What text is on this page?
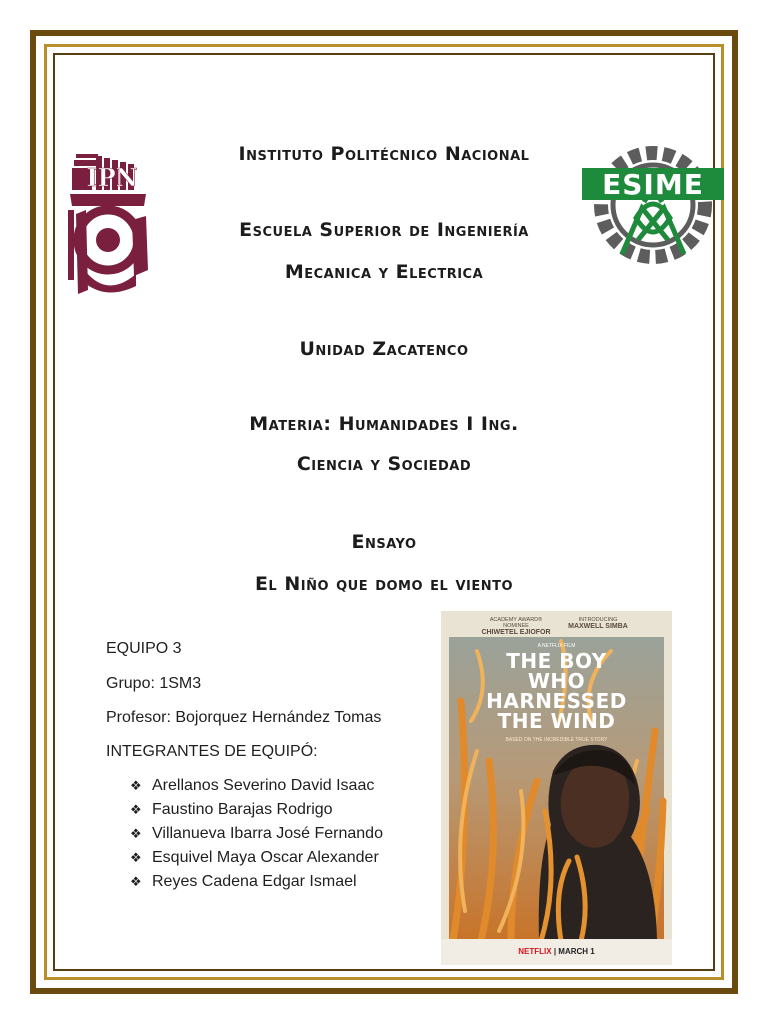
IPN	ESIME
Instituto Politécnico Nacional
Escuela Superior de Ingeniería
Mecanica y Electrica
Unidad Zacatenco
Materia: Humanidades I Ing.
Ciencia y Sociedad
Ensayo
El Niño que domo el viento

EQUIPO 3

Grupo: 1SM3

Profesor: Bojorquez Hernández Tomas

INTEGRANTES DE EQUIPÓ:

❖ Arellanos Severino David Isaac
❖ Faustino Barajas Rodrigo
❖ Villanueva Ibarra José Fernando
❖ Esquivel Maya Oscar Alexander
❖ Reyes Cadena Edgar Ismael
ACADEMY AWARD® NOMINEE
CHIWETEL EJIOFOR
INTRODUCING
MAXWELL SIMBA
A NETFLIX FILM
THE BOY
WHO
HARNESSED
THE WIND

BASED ON THE INCREDIBLE TRUE STORY

NETFLIX | MARCH 1
